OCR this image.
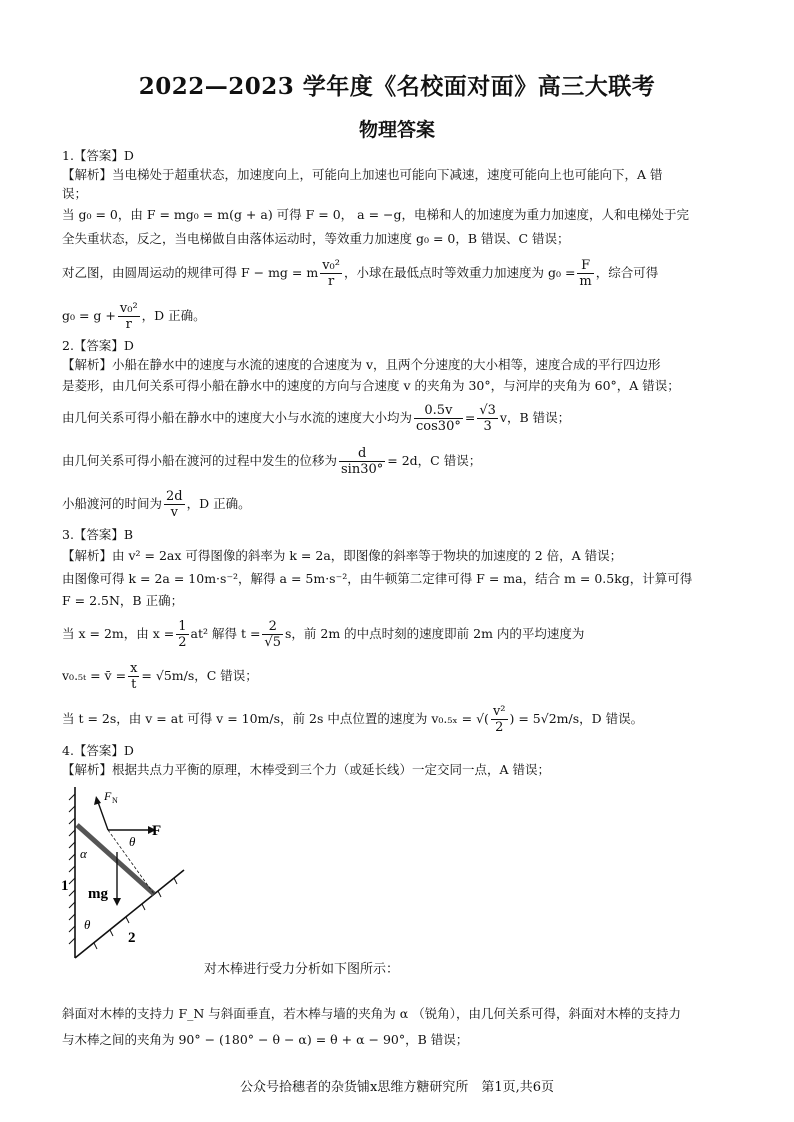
2022—2023 学年度《名校面对面》高三大联考
物理答案
1.【答案】D
【解析】当电梯处于超重状态，加速度向上，可能向上加速也可能向下减速，速度可能向上也可能向下，A 错
误；
当 g₀ = 0，由 F = mg₀ = m(g + a) 可得 F = 0， a = −g，电梯和人的加速度为重力加速度，人和电梯处于完
全失重状态，反之，当电梯做自由落体运动时，等效重力加速度 g₀ = 0，B 错误、C 错误；
对乙图，由圆周运动的规律可得 F − mg = m $\frac{\text{v₀²}}{r}$ ，小球在最低点时等效重力加速度为 $g_0 = \frac{F}{m}$ ，综合可得
$g_0 = g + \frac{\text{v₀²}}{r}$ ，D 正确。
2.【答案】D
【解析】小船在静水中的速度与水流的速度的合速度为 v，且两个分速度的大小相等，速度合成的平行四边形
是菱形，由几何关系可得小船在静水中的速度的方向与合速度 v 的夹角为 30°，与河岸的夹角为 60°，A 错误；
由几何关系可得小船在静水中的速度大小与水流的速度大小均为 $\frac{0.5v}{\cos 30^\circ} = \frac{√3}{3}$ v，B 错误；
由几何关系可得小船在渡河的过程中发生的位移为 $\frac{d}{\sin 30^\circ} = 2d$，C 错误；
小船渡河的时间为 $\frac{2d}{v}$ ，D 正确。
3.【答案】B
【解析】由 v² = 2ax 可得图像的斜率为 k = 2a，即图像的斜率等于物块的加速度的 2 倍，A 错误；
由图像可得 k = 2a = 10m·s⁻²，解得 a = 5m·s⁻²，由牛顿第二定律可得 F = ma，结合 m = 0.5kg，计算可得
F = 2.5N，B 正确；
当 x = 2m，由 $x = \frac{1}{2} at^2$ 解得 $t = \frac{2}{√5}$ s，前 2m 的中点时刻的速度即前 2m 内的平均速度为
v₀.₅ₜ = v̄ = $\frac{x}{t} = √5m/s$，C 错误；
当 t = 2s，由 v = at 可得 v = 10m/s，前 2s 中点位置的速度为 v₀.₅ₓ = √( $\frac{\text{v²}}{2}$ ) = 5√2m/s，D 错误。
4.【答案】D
【解析】根据共点力平衡的原理，木棒受到三个力（或延长线）一定交同一点，A 错误；
F N
F
θ
α
1 mg
θ
2
对木棒进行受力分析如下图所示：
斜面对木棒的支持力 F_N 与斜面垂直，若木棒与墙的夹角为 α （锐角），由几何关系可得，斜面对木棒的支持力
与木棒之间的夹角为 90° − (180° − θ − α) = θ + α − 90°，B 错误；
公众号拾穗者的杂货铺x思维方糖研究所　第1页,共6页
